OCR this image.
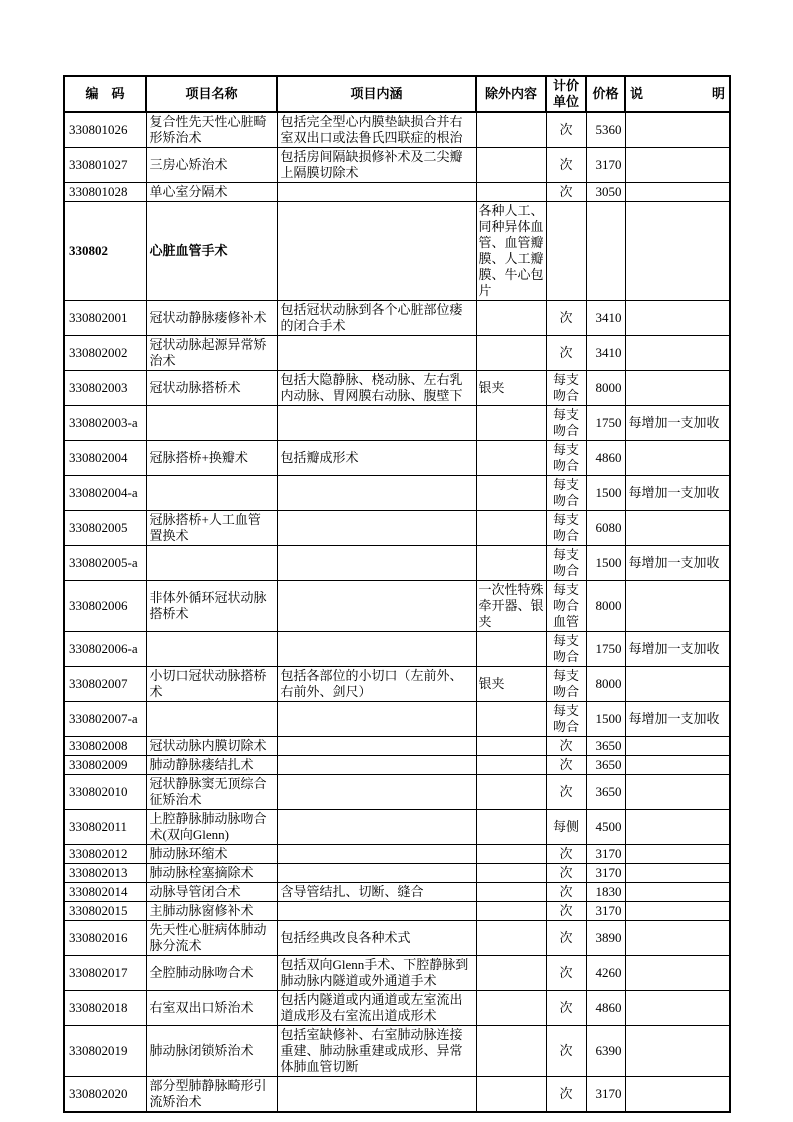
编　码	项目名称	项目内涵	除外内容	计价单位	价格	说明
330801026	复合性先天性心脏畸形矫治术	包括完全型心内膜垫缺损合并右室双出口或法鲁氏四联症的根治		次	5360	
330801027	三房心矫治术	包括房间隔缺损修补术及二尖瓣上隔膜切除术		次	3170	
330801028	单心室分隔术			次	3050	
330802	心脏血管手术		各种人工、同种异体血管、血管瓣膜、人工瓣膜、牛心包片			
330802001	冠状动静脉瘘修补术	包括冠状动脉到各个心脏部位瘘的闭合手术		次	3410	
330802002	冠状动脉起源异常矫治术			次	3410	
330802003	冠状动脉搭桥术	包括大隐静脉、桡动脉、左右乳内动脉、胃网膜右动脉、腹壁下	银夹	每支吻合	8000	
330802003-a				每支吻合	1750	每增加一支加收
330802004	冠脉搭桥+换瓣术	包括瓣成形术		每支吻合	4860	
330802004-a				每支吻合	1500	每增加一支加收
330802005	冠脉搭桥+人工血管置换术			每支吻合	6080	
330802005-a				每支吻合	1500	每增加一支加收
330802006	非体外循环冠状动脉搭桥术		一次性特殊牵开器、银夹	每支吻合血管	8000	
330802006-a				每支吻合	1750	每增加一支加收
330802007	小切口冠状动脉搭桥术	包括各部位的小切口（左前外、右前外、剑尺）	银夹	每支吻合	8000	
330802007-a				每支吻合	1500	每增加一支加收
330802008	冠状动脉内膜切除术			次	3650	
330802009	肺动静脉瘘结扎术			次	3650	
330802010	冠状静脉窦无顶综合征矫治术			次	3650	
330802011	上腔静脉肺动脉吻合术(双向Glenn)			每侧	4500	
330802012	肺动脉环缩术			次	3170	
330802013	肺动脉栓塞摘除术			次	3170	
330802014	动脉导管闭合术	含导管结扎、切断、缝合		次	1830	
330802015	主肺动脉窗修补术			次	3170	
330802016	先天性心脏病体肺动脉分流术	包括经典改良各种术式		次	3890	
330802017	全腔肺动脉吻合术	包括双向Glenn手术、下腔静脉到肺动脉内隧道或外通道手术		次	4260	
330802018	右室双出口矫治术	包括内隧道或内通道或左室流出道成形及右室流出道成形术		次	4860	
330802019	肺动脉闭锁矫治术	包括室缺修补、右室肺动脉连接重建、肺动脉重建或成形、异常体肺血管切断		次	6390	
330802020	部分型肺静脉畸形引流矫治术			次	3170	
